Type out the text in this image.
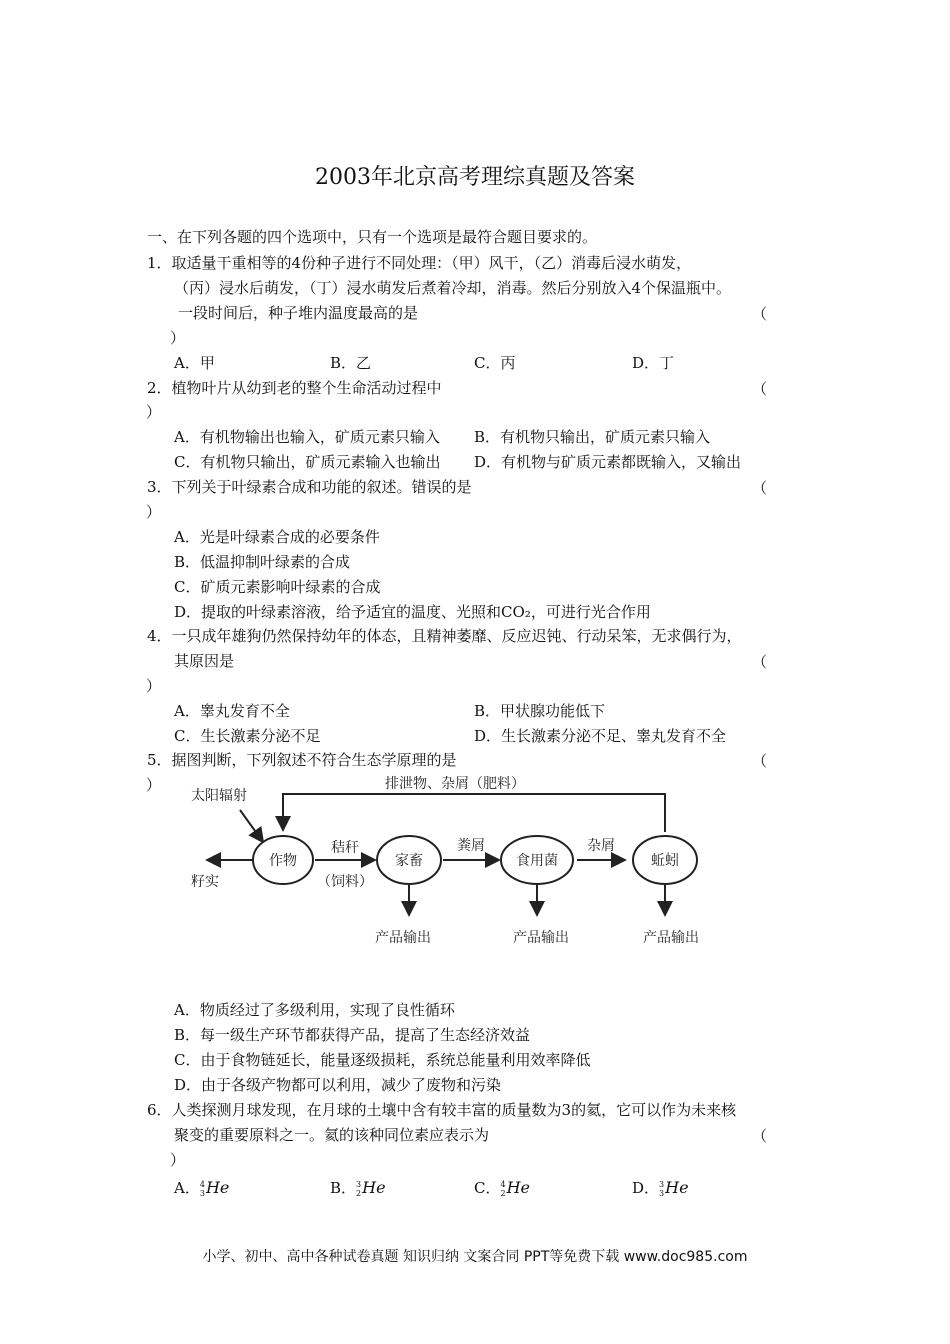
2003年北京高考理综真题及答案
一、在下列各题的四个选项中，只有一个选项是最符合题目要求的。
1．取适量干重相等的4份种子进行不同处理：（甲）风干，（乙）消毒后浸水萌发，
（丙）浸水后萌发，（丁）浸水萌发后煮着冷却，消毒。然后分别放入4个保温瓶中。
一段时间后，种子堆内温度最高的是	（
）
A．甲	B．乙	C．丙	D．丁
2．植物叶片从幼到老的整个生命活动过程中	（
）
A．有机物输出也输入，矿质元素只输入 B．有机物只输出，矿质元素只输入
C．有机物只输出，矿质元素输入也输出 D．有机物与矿质元素都既输入，又输出
3．下列关于叶绿素合成和功能的叙述。错误的是	（
）
A．光是叶绿素合成的必要条件
B．低温抑制叶绿素的合成
C．矿质元素影响叶绿素的合成
D．提取的叶绿素溶液，给予适宜的温度、光照和CO₂，可进行光合作用
4．一只成年雄狗仍然保持幼年的体态，且精神萎靡、反应迟钝、行动呆笨，无求偶行为，
其原因是	（
）
A．睾丸发育不全	B．甲状腺功能低下
C．生长激素分泌不足	D．生长激素分泌不足、睾丸发育不全
5．据图判断，下列叙述不符合生态学原理的是	（
）	排泄物、杂屑（肥料）
太阳辐射
籽实
作物	家畜	食用菌	蚯蚓
秸秆
（饲料）
粪屑	杂屑
产品输出	产品输出	产品输出
A．物质经过了多级利用，实现了良性循环
B．每一级生产环节都获得产品，提高了生态经济效益
C．由于食物链延长，能量逐级损耗，系统总能量利用效率降低
D．由于各级产物都可以利用，减少了废物和污染
6．人类探测月球发现，在月球的土壤中含有较丰富的质量数为3的氦，它可以作为未来核
聚变的重要原料之一。氦的该种同位素应表示为	（
）
A．4
3He	B．3
2He	C．4
2He	D．3
3He
小学、初中、高中各种试卷真题 知识归纳 文案合同 PPT等免费下载 www.doc985.com
